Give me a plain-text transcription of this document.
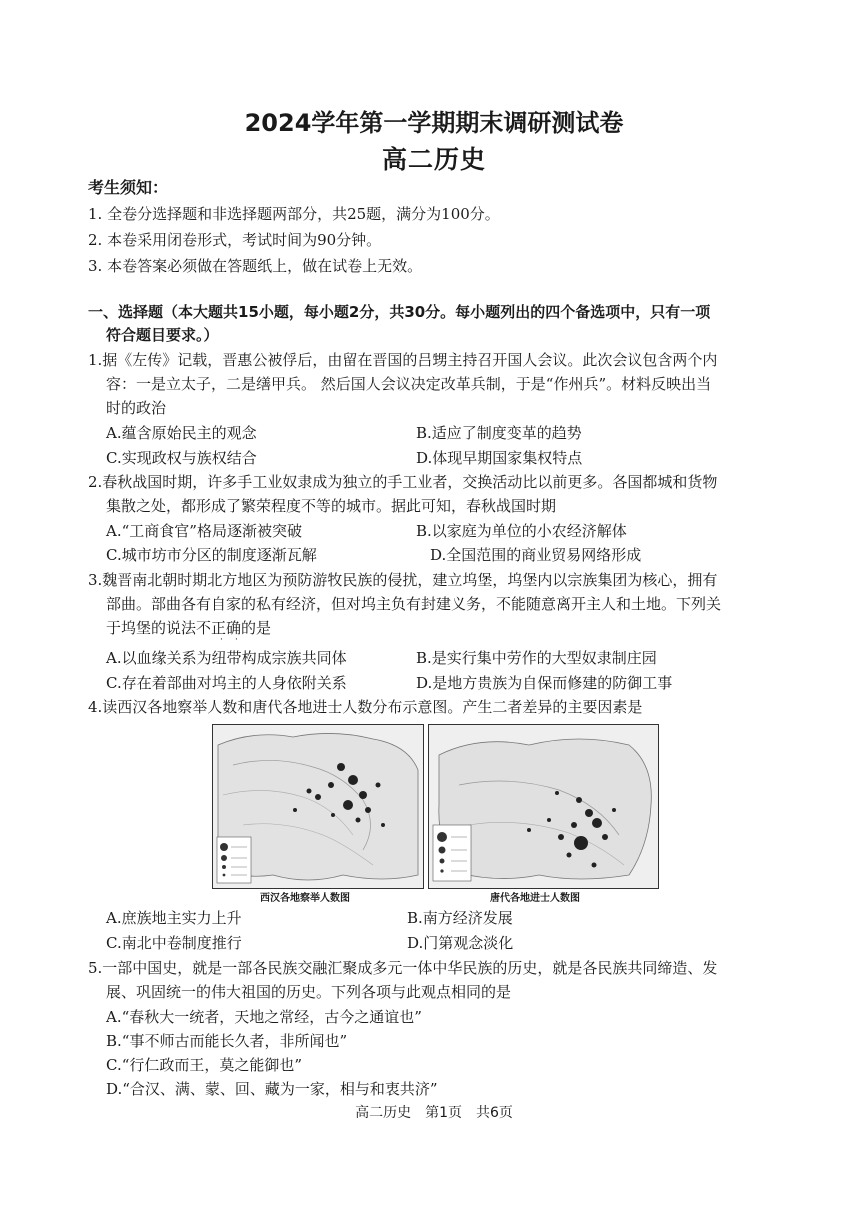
2024学年第一学期期末调研测试卷
高二历史
考生须知：
1. 全卷分选择题和非选择题两部分，共25题，满分为100分。
2. 本卷采用闭卷形式，考试时间为90分钟。
3. 本卷答案必须做在答题纸上，做在试卷上无效。
一、选择题（本大题共15小题，每小题2分，共30分。每小题列出的四个备选项中，只有一项
符合题目要求。）
1.据《左传》记载，晋惠公被俘后，由留在晋国的吕甥主持召开国人会议。此次会议包含两个内
容：一是立太子，二是缮甲兵。 然后国人会议决定改革兵制，于是“作州兵”。材料反映出当
时的政治
A.蕴含原始民主的观念	B.适应了制度变革的趋势
C.实现政权与族权结合	D.体现早期国家集权特点
2.春秋战国时期，许多手工业奴隶成为独立的手工业者，交换活动比以前更多。各国都城和货物
集散之处，都形成了繁荣程度不等的城市。据此可知，春秋战国时期
A.“工商食官”格局逐渐被突破	B.以家庭为单位的小农经济解体
C.城市坊市分区的制度逐渐瓦解	D.全国范围的商业贸易网络形成
3.魏晋南北朝时期北方地区为预防游牧民族的侵扰，建立坞堡，坞堡内以宗族集团为核心，拥有
部曲。部曲各有自家的私有经济，但对坞主负有封建义务，不能随意离开主人和土地。下列关
于坞堡的说法不正确的是
· ·
A.以血缘关系为纽带构成宗族共同体	B.是实行集中劳作的大型奴隶制庄园
C.存在着部曲对坞主的人身依附关系	D.是地方贵族为自保而修建的防御工事
4.读西汉各地察举人数和唐代各地进士人数分布示意图。产生二者差异的主要因素是
西汉各地察举人数图	唐代各地进士人数图
A.庶族地主实力上升	B.南方经济发展
C.南北中卷制度推行	D.门第观念淡化
5.一部中国史，就是一部各民族交融汇聚成多元一体中华民族的历史，就是各民族共同缔造、发
展、巩固统一的伟大祖国的历史。下列各项与此观点相同的是
A.“春秋大一统者，天地之常经，古今之通谊也”
B.“事不师古而能长久者，非所闻也”
C.“行仁政而王，莫之能御也”
D.“合汉、满、蒙、回、藏为一家，相与和衷共济”
高二历史　第1页　共6页
